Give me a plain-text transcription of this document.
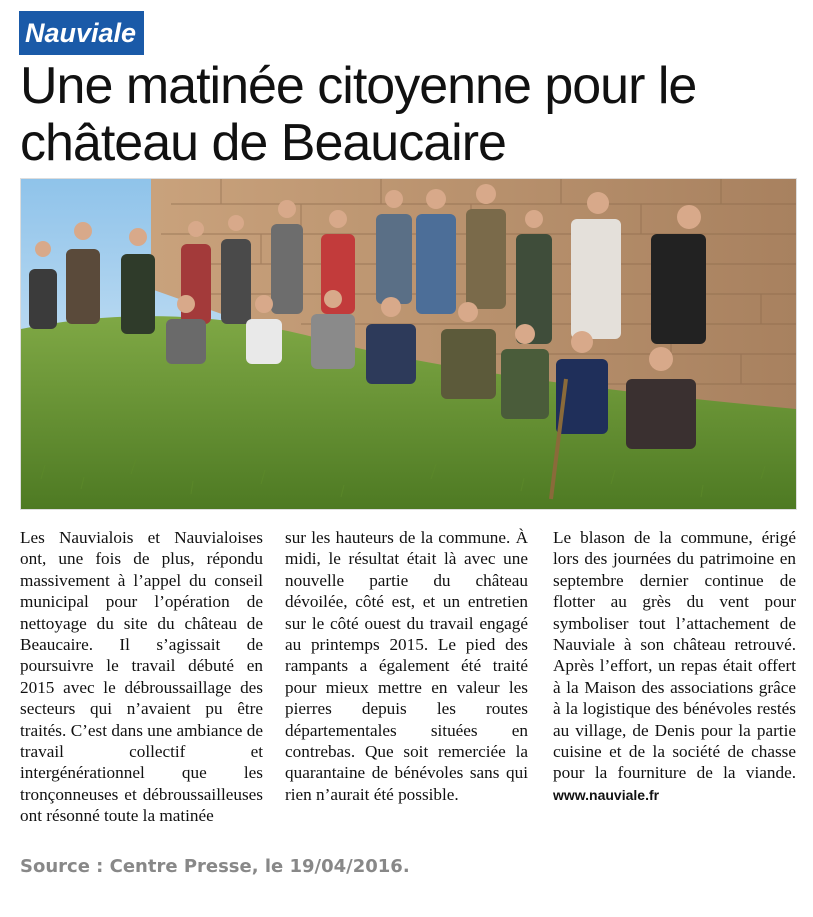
Nauviale
Une matinée citoyenne pour le château de Beaucaire

Les Nauvialois et Nauvialoises ont, une fois de plus, répondu massivement à l’appel du conseil municipal pour l’opération de nettoyage du site du château de Beaucaire. Il s’agissait de poursuivre le travail débuté en 2015 avec le débroussaillage des secteurs qui n’avaient pu être traités. C’est dans une ambiance de travail collectif et intergénérationnel que les tronçonneuses et débroussailleuses ont résonné toute la matinée

sur les hauteurs de la commune. À midi, le résultat était là avec une nouvelle partie du château dévoilée, côté est, et un entretien sur le côté ouest du travail engagé au printemps 2015. Le pied des rampants a également été traité pour mieux mettre en valeur les pierres depuis les routes départementales situées en contrebas. Que soit remerciée la quarantaine de bénévoles sans qui rien n’aurait été possible.

Le blason de la commune, érigé lors des journées du patrimoine en septembre dernier continue de flotter au grès du vent pour symboliser tout l’attachement de Nauviale à son château retrouvé. Après l’effort, un repas était offert à la Maison des associations grâce à la logistique des bénévoles restés au village, de Denis pour la partie cuisine et de la société de chasse pour la fourniture de la viande. www.nauviale.fr

Source : Centre Presse, le 19/04/2016.
